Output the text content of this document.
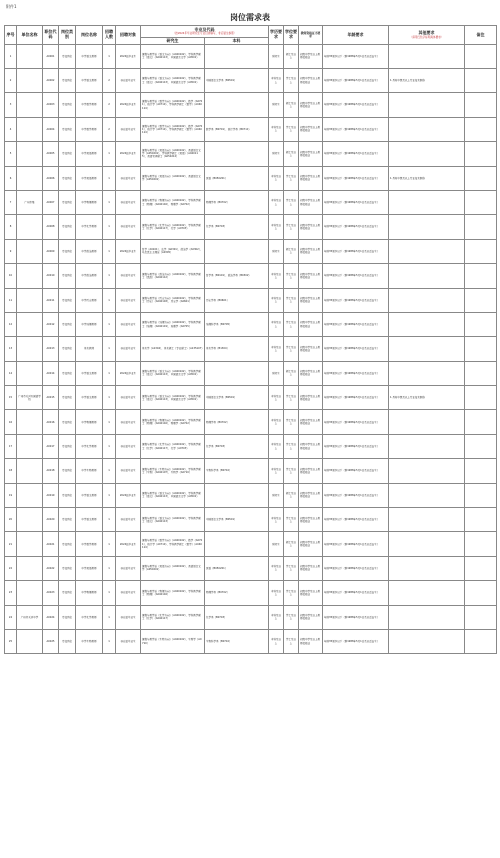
附件1
岗位需求表
序号	单位名称	职位代码	岗位类别	岗位名称	招聘人数	招聘对象	专业及代码
（按2024年毕业研究生专业目录填写，非应届生参照）		学历要求	学位要求	教师资格证书要求	年龄要求	其他要求
（请用红色字标明具体要求）	备注
							研究生	本科						
1		A0001	专技岗位	中学语文教师	1	2024届毕业生	课程与教学论（语文方向）（A040102）、学科教学硕士（语文）（A040113）、中国语言文学（A0501）		研究生	硕士及以上	初级中学及以上教师资格证	年龄35周岁以下（即1988年5月1日及以后出生）		
2		A0002	专技岗位	中学语文教师	2	非应届毕业生	课程与教学论（语文方向）（A040102）、学科教学硕士（语文）（A040113）、中国语言文学（A0501）	中国语言文学类（B0501）	本科及以上	学士及以上	初级中学及以上教师资格证	年龄35周岁以下（即1988年5月1日及以后出生）	1.具有中级及以上专业技术职称	
3		A0003	专技岗位	中学数学教师	2	2024届毕业生	课程与教学论（数学方向）（A040102）、数学（A0701）、统计学（A0714）、学科教学硕士（数学）（A040114）		研究生	硕士及以上	初级中学及以上教师资格证	年龄35周岁以下（即1988年5月1日及以后出生）		
4		A0004	专技岗位	中学数学教师	2	非应届毕业生	课程与教学论（数学方向）（A040102）、数学（A0701）、统计学（A0714）、学科教学硕士（数学）（A040114）	数学类（B0701）、统计学类（B0711）	本科及以上	学士及以上	初级中学及以上教师资格证	年龄35周岁以下（即1988年5月1日及以后出生）		
5		A0005	专技岗位	中学英语教师	1	2024届毕业生	课程与教学论（英语方向）（A040102）、英语语言文学（A050201）、学科教学硕士（英语）（A040115）、英语笔译硕士（A050212）		研究生	硕士及以上	初级中学及以上教师资格证	年龄35周岁以下（即1988年5月1日及以后出生）		
6		A0006	专技岗位	中学英语教师	1	非应届毕业生	课程与教学论（英语方向）（A040102）、英语语言文学（A050201）	英语（B050201）	本科及以上	学士及以上	初级中学及以上教师资格证	年龄35周岁以下（即1988年5月1日及以后出生）	1.具有中级及以上专业技术职称	
7	广州市第	A0007	专技岗位	中学物理教师	1	非应届毕业生	课程与教学论（物理方向）（A040102）、学科教学硕士（物理）（A040116）、物理学（A0702）	物理学类（B0702）	本科及以上	学士及以上	初级中学及以上教师资格证	年龄35周岁以下（即1988年5月1日及以后出生）		
8		A0008	专技岗位	中学化学教师	1	非应届毕业生	课程与教学论（化学方向）（A040102）、学科教学硕士（化学）（A040117）、化学（A0703）	化学类（B0703）	本科及以上	学士及以上	初级中学及以上教师资格证	年龄35周岁以下（即1988年5月1日及以后出生）		
9		A0009	专技岗位	中学政治教师	1	2024届毕业生	哲学（A0101）、法学（A0301）、政治学（A0302）、马克思主义理论（A0305）		研究生	硕士及以上	初级中学及以上教师资格证	年龄35周岁以下（即1988年5月1日及以后出生）		
10		A0010	专技岗位	中学政治教师	1	非应届毕业生	课程与教学论（政治方向）（A040102）、学科教学硕士（思政）（A040112）	哲学类（B0101）、政治学类（B0302）	本科及以上	学士及以上	初级中学及以上教师资格证	年龄35周岁以下（即1988年5月1日及以后出生）		
11		A0011	专技岗位	中学历史教师	1	非应届毕业生	课程与教学论（历史方向）（A040102）、学科教学硕士（历史）（A040118）、历史学（A0601）	历史学类（B0601）	本科及以上	学士及以上	初级中学及以上教师资格证	年龄35周岁以下（即1988年5月1日及以后出生）		
12		A0012	专技岗位	中学地理教师	1	非应届毕业生	课程与教学论（地理方向）（A040102）、学科教学硕士（地理）（A040119）、地理学（A0705）	地理科学类（B0705）	本科及以上	学士及以上	初级中学及以上教师资格证	年龄35周岁以下（即1988年5月1日及以后出生）		
13		A0013	专技岗位	美术教师	1	非应届毕业生	美术学（A1304）、美术硕士（专业硕士）（A135107）	美术学类（B1304）	本科及以上	学士及以上	初级中学及以上教师资格证	年龄35周岁以下（即1988年5月1日及以后出生）		
14		A0014	专技岗位	中学语文教师	1	2024届毕业生	课程与教学论（语文方向）（A040102）、学科教学硕士（语文）（A040113）、中国语言文学（A0501）		研究生	硕士及以上	初级中学及以上教师资格证	年龄35周岁以下（即1988年5月1日及以后出生）		
15	广州市天河外国语学校	A0015	专技岗位	中学语文教师	1	非应届毕业生	课程与教学论（语文方向）（A040102）、学科教学硕士（语文）（A040113）、中国语言文学（A0501）	中国语言文学类（B0501）	本科及以上	学士及以上	初级中学及以上教师资格证	年龄35周岁以下（即1988年5月1日及以后出生）	1.具有中级及以上专业技术职称	
16		A0016	专技岗位	中学物理教师	1	非应届毕业生	课程与教学论（物理方向）（A040102）、学科教学硕士（物理）（A040116）、物理学（A0702）	物理学类（B0702）	本科及以上	学士及以上	初级中学及以上教师资格证	年龄35周岁以下（即1988年5月1日及以后出生）		
17		A0017	专技岗位	中学化学教师	1	非应届毕业生	课程与教学论（化学方向）（A040102）、学科教学硕士（化学）（A040117）、化学（A0703）	化学类（B0703）	本科及以上	学士及以上	初级中学及以上教师资格证	年龄35周岁以下（即1988年5月1日及以后出生）		
18		A0018	专技岗位	中学生物教师	1	非应届毕业生	课程与教学论（生物方向）（A040102）、学科教学硕士（生物）（A040107）、生物学（A0710）	生物科学类（B0710）	本科及以上	学士及以上	初级中学及以上教师资格证	年龄35周岁以下（即1988年5月1日及以后出生）		
19		A0019	专技岗位	中学语文教师	1	2024届毕业生	课程与教学论（语文方向）（A040102）、学科教学硕士（语文）（A040113）、中国语言文学（A0501）		研究生	硕士及以上	初级中学及以上教师资格证	年龄35周岁以下（即1988年5月1日及以后出生）		
20		A0020	专技岗位	中学语文教师	1	非应届毕业生	课程与教学论（语文方向）（A040102）、学科教学硕士（语文）（A040113）	中国语言文学类（B0501）	本科及以上	学士及以上	初级中学及以上教师资格证	年龄35周岁以下（即1988年5月1日及以后出生）		
21		A0021	专技岗位	中学数学教师	1	2024届毕业生	课程与教学论（数学方向）（A040102）、数学（A0701）、统计学（A0714）、学科教学硕士（数学）（A040114）		研究生	硕士及以上	初级中学及以上教师资格证	年龄35周岁以下（即1988年5月1日及以后出生）		
22		A0022	专技岗位	中学英语教师	1	非应届毕业生	课程与教学论（英语方向）（A040102）、英语语言文学（A050201）	英语（B050201）	本科及以上	学士及以上	初级中学及以上教师资格证	年龄35周岁以下（即1988年5月1日及以后出生）		
23		A0023	专技岗位	中学物理教师	1	非应届毕业生	课程与教学论（物理方向）（A040102）、学科教学硕士（物理）（A040116）	物理学类（B0702）	本科及以上	学士及以上	初级中学及以上教师资格证	年龄35周岁以下（即1988年5月1日及以后出生）		
24	广州市天河中学	A0024	专技岗位	中学化学教师	1	非应届毕业生	课程与教学论（化学方向）（A040102）、学科教学硕士（化学）（A040117）	化学类（B0703）	本科及以上	学士及以上	初级中学及以上教师资格证	年龄35周岁以下（即1988年5月1日及以后出生）		
25		A0025	专技岗位	中学生物教师	1	非应届毕业生	课程与教学论（生物方向）（A040102）、生物学（A0710）	生物科学类（B0710）	本科及以上	学士及以上	初级中学及以上教师资格证	年龄35周岁以下（即1988年5月1日及以后出生）		
